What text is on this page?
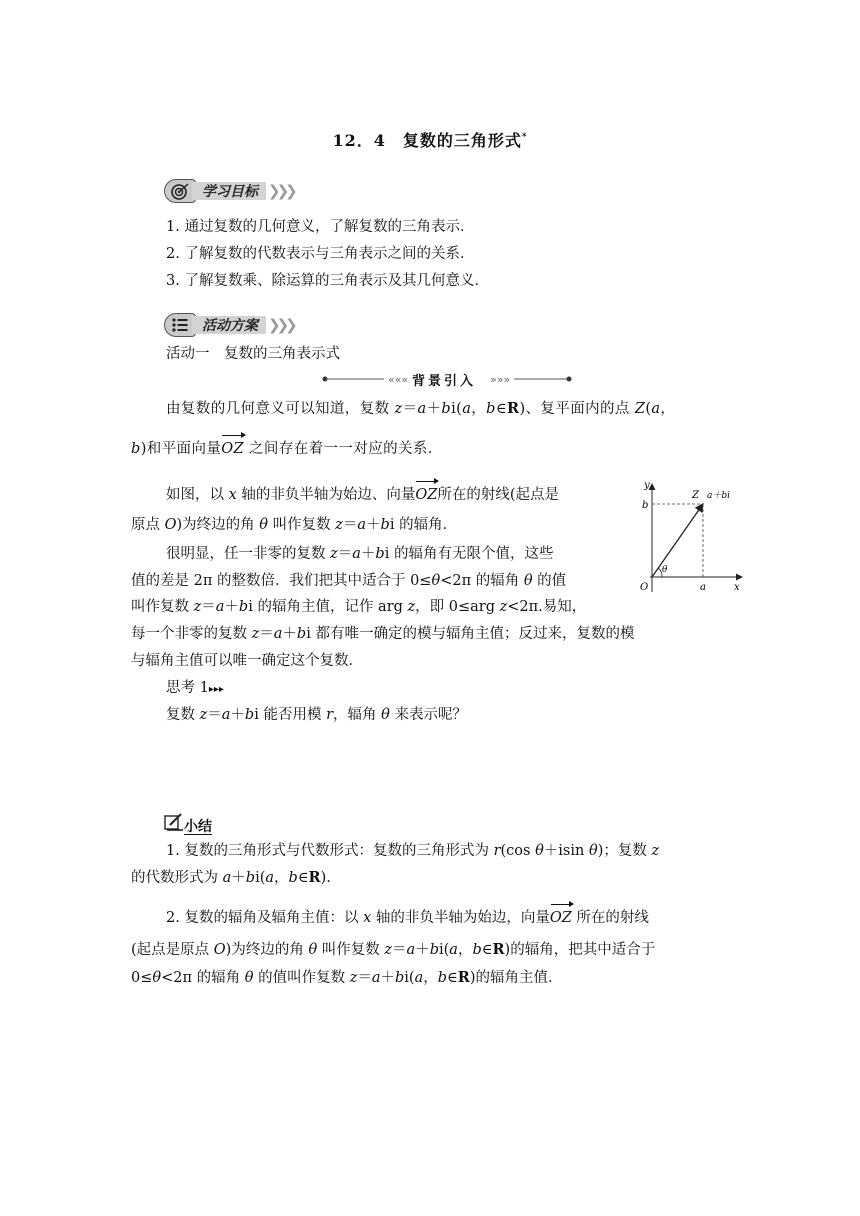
12．4　复数的三角形式*
学习目标 ❯❯❯
1. 通过复数的几何意义，了解复数的三角表示．
2. 了解复数的代数表示与三角表示之间的关系．
3. 了解复数乘、除运算的三角表示及其几何意义．
活动方案 ❯❯❯
活动一　复数的三角表示式
«««	»»»
背景引入
由复数的几何意义可以知道，复数 z＝a＋bi(a，b∈R)、复平面内的点 Z(a，
b)和平面向量OZ 之间存在着一一对应的关系．
如图，以 x 轴的非负半轴为始边、向量OZ所在的射线(起点是
原点 O)为终边的角 θ 叫作复数 z＝a＋bi 的辐角．
很明显，任一非零的复数 z＝a＋bi 的辐角有无限个值，这些
值的差是 2π 的整数倍．我们把其中适合于 0≤θ<2π 的辐角 θ 的值
叫作复数 z＝a＋bi 的辐角主值，记作 arg z，即 0≤arg z<2π.易知，
每一个非零的复数 z＝a＋bi 都有唯一确定的模与辐角主值；反过来，复数的模
与辐角主值可以唯一确定这个复数．
思考 1▸▸▸
复数 z＝a＋bi 能否用模 r，辐角 θ 来表示呢？
y
x
O
b
a
Z a＋bi
θ
小结
1. 复数的三角形式与代数形式：复数的三角形式为 r(cos θ＋isin θ)；复数 z
的代数形式为 a＋bi(a，b∈R).
2. 复数的辐角及辐角主值：以 x 轴的非负半轴为始边，向量OZ 所在的射线
(起点是原点 O)为终边的角 θ 叫作复数 z＝a＋bi(a，b∈R)的辐角，把其中适合于
0≤θ<2π 的辐角 θ 的值叫作复数 z＝a＋bi(a，b∈R)的辐角主值．
